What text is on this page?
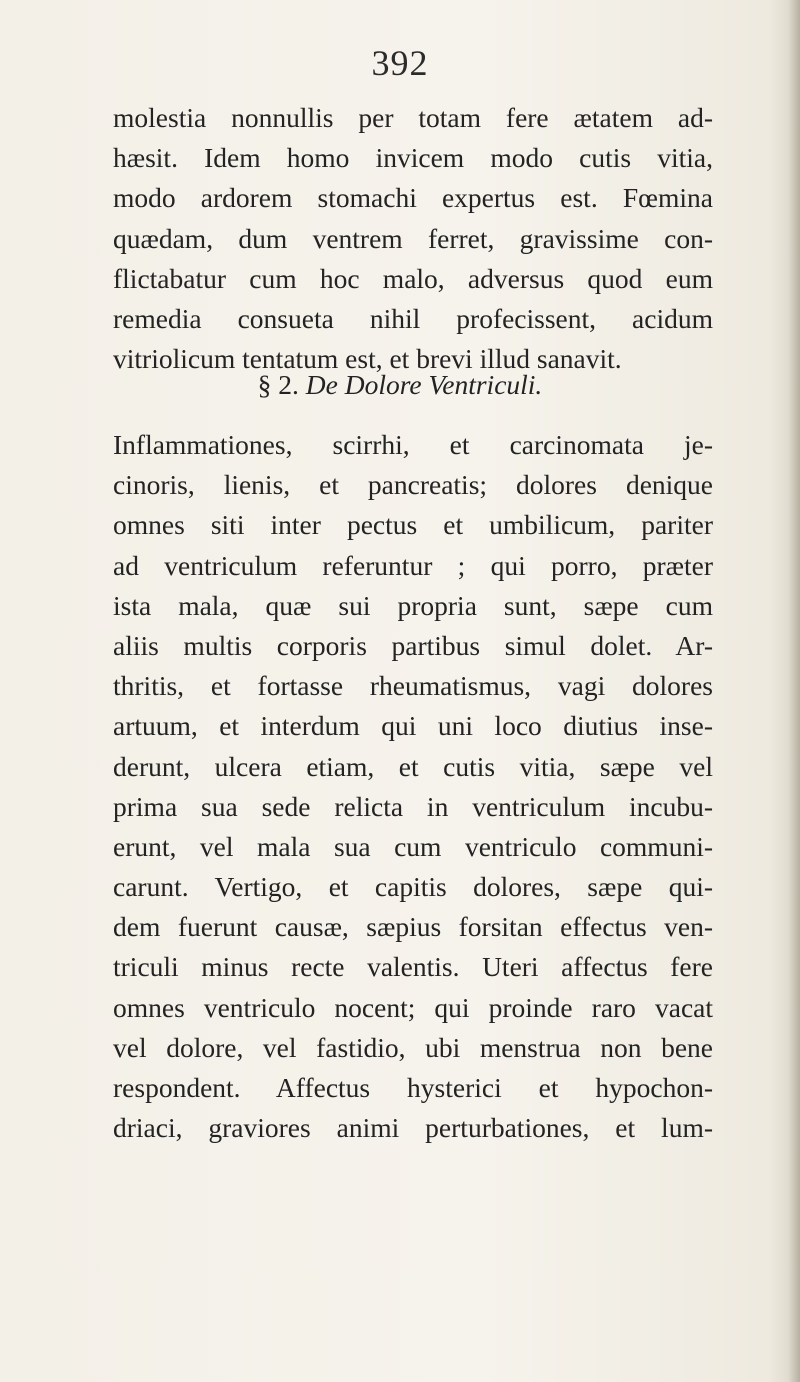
392
molestia nonnullis per totam fere ætatem ad-
hæsit. Idem homo invicem modo cutis vitia,
modo ardorem stomachi expertus est. Fœmina
quædam, dum ventrem ferret, gravissime con-
flictabatur cum hoc malo, adversus quod eum
remedia consueta nihil profecissent, acidum
vitriolicum tentatum est, et brevi illud sanavit.
§ 2. De Dolore Ventriculi.
Inflammationes, scirrhi, et carcinomata je-
cinoris, lienis, et pancreatis; dolores denique
omnes siti inter pectus et umbilicum, pariter
ad ventriculum referuntur ; qui porro, præter
ista mala, quæ sui propria sunt, sæpe cum
aliis multis corporis partibus simul dolet. Ar-
thritis, et fortasse rheumatismus, vagi dolores
artuum, et interdum qui uni loco diutius inse-
derunt, ulcera etiam, et cutis vitia, sæpe vel
prima sua sede relicta in ventriculum incubu-
erunt, vel mala sua cum ventriculo communi-
carunt. Vertigo, et capitis dolores, sæpe qui-
dem fuerunt causæ, sæpius forsitan effectus ven-
triculi minus recte valentis. Uteri affectus fere
omnes ventriculo nocent; qui proinde raro vacat
vel dolore, vel fastidio, ubi menstrua non bene
respondent. Affectus hysterici et hypochon-
driaci, graviores animi perturbationes, et lum-
